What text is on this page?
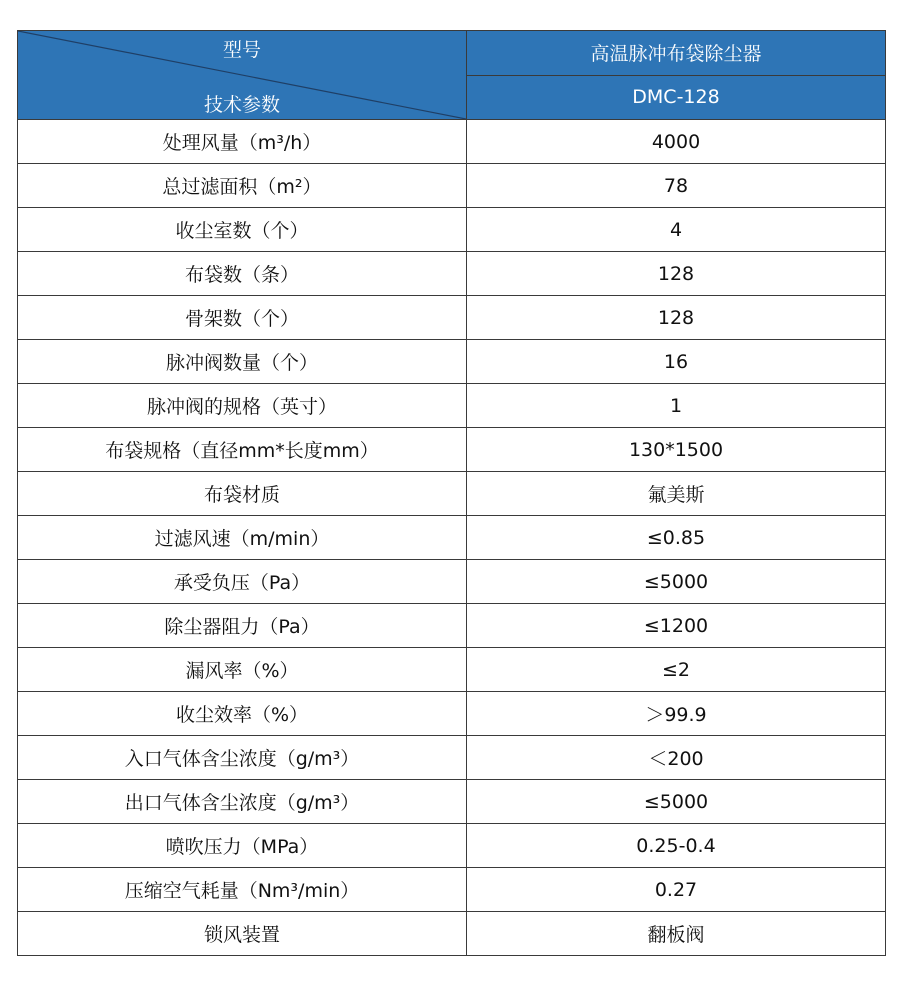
型号
技术参数	高温脉冲布袋除尘器
	DMC-128
处理风量（m³/h）	4000
总过滤面积（m²）	78
收尘室数（个）	4
布袋数（条）	128
骨架数（个）	128
脉冲阀数量（个）	16
脉冲阀的规格（英寸）	1
布袋规格（直径mm*长度mm）	130*1500
布袋材质	氟美斯
过滤风速（m/min）	≤0.85
承受负压（Pa）	≤5000
除尘器阻力（Pa）	≤1200
漏风率（%）	≤2
收尘效率（%）	＞99.9
入口气体含尘浓度（g/m³）	＜200
出口气体含尘浓度（g/m³）	≤5000
喷吹压力（MPa）	0.25-0.4
压缩空气耗量（Nm³/min）	0.27
锁风装置	翻板阀
